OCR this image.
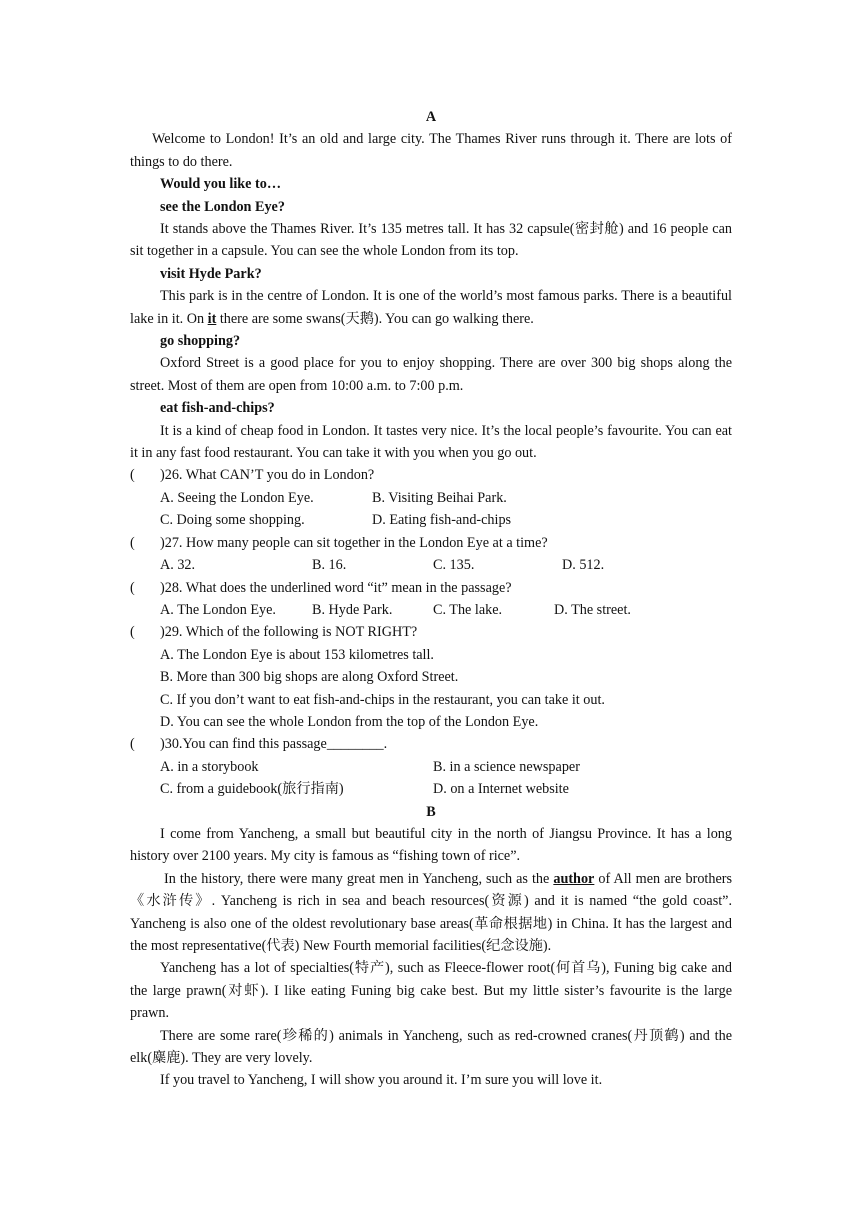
A
Welcome to London! It’s an old and large city. The Thames River runs through it. There are lots of things to do there.
Would you like to…
see the London Eye?
It stands above the Thames River. It’s 135 metres tall. It has 32 capsule(密封舱) and 16 people can sit together in a capsule. You can see the whole London from its top.
visit Hyde Park?
This park is in the centre of London. It is one of the world’s most famous parks. There is a beautiful lake in it. On it there are some swans(天鹅). You can go walking there.
go shopping?
Oxford Street is a good place for you to enjoy shopping. There are over 300 big shops along the street. Most of them are open from 10:00 a.m. to 7:00 p.m.
eat fish-and-chips?
It is a kind of cheap food in London. It tastes very nice. It’s the local people’s favourite. You can eat it in any fast food restaurant. You can take it with you when you go out.
(	)26. What CAN’T you do in London?
A. Seeing the London Eye.	B. Visiting Beihai Park.
C. Doing some shopping.	D. Eating fish-and-chips
(	)27. How many people can sit together in the London Eye at a time?
A. 32.	B. 16.	C. 135.	D. 512.
(	)28. What does the underlined word “it” mean in the passage?
A. The London Eye.	B. Hyde Park.	C. The lake.	D. The street.
(	)29. Which of the following is NOT RIGHT?
A. The London Eye is about 153 kilometres tall.
B. More than 300 big shops are along Oxford Street.
C. If you don’t want to eat fish-and-chips in the restaurant, you can take it out.
D. You can see the whole London from the top of the London Eye.
(	)30.You can find this passage________.
A. in a storybook	B. in a science newspaper
C. from a guidebook(旅行指南)	D. on a Internet website
B
I come from Yancheng, a small but beautiful city in the north of Jiangsu Province. It has a long history over 2100 years. My city is famous as “fishing town of rice”.
In the history, there were many great men in Yancheng, such as the author of All men are brothers《水浒传》. Yancheng is rich in sea and beach resources(资源) and it is named “the gold coast”. Yancheng is also one of the oldest revolutionary base areas(革命根据地) in China. It has the largest and the most representative(代表) New Fourth memorial facilities(纪念设施).
Yancheng has a lot of specialties(特产), such as Fleece-flower root(何首乌), Funing big cake and the large prawn(对虾). I like eating Funing big cake best. But my little sister’s favourite is the large prawn.
There are some rare(珍稀的) animals in Yancheng, such as red-crowned cranes(丹顶鹤) and the elk(麋鹿). They are very lovely.
If you travel to Yancheng, I will show you around it. I’m sure you will love it.
